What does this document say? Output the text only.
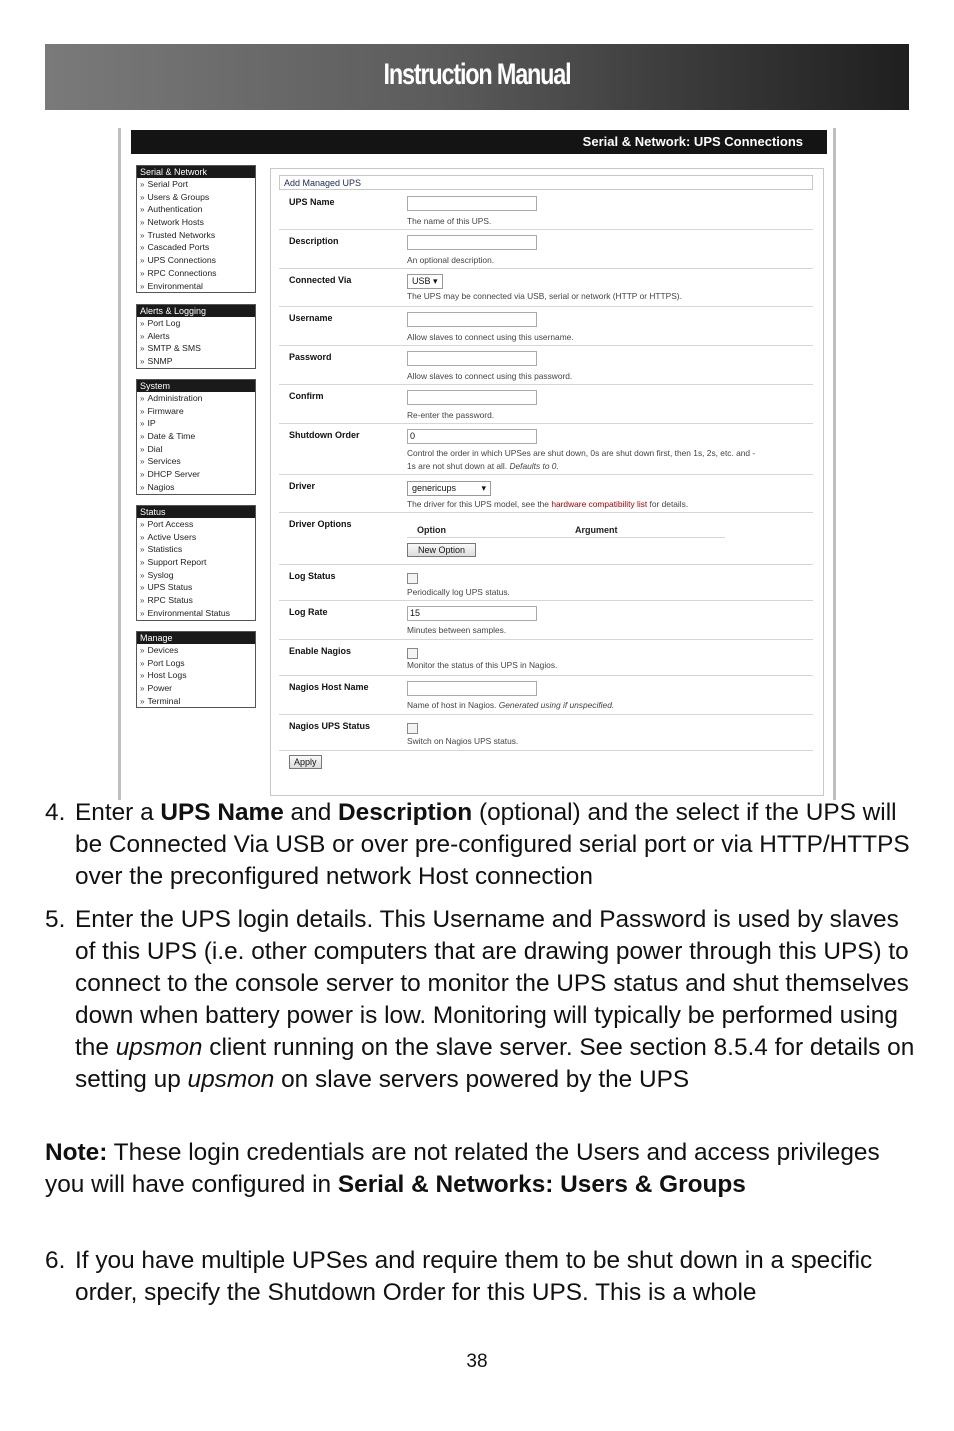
Instruction Manual
Serial & Network: UPS Connections
Serial & Network
» Serial Port
» Users & Groups
» Authentication
» Network Hosts
» Trusted Networks
» Cascaded Ports
» UPS Connections
» RPC Connections
» Environmental
Alerts & Logging
» Port Log
» Alerts
» SMTP & SMS
» SNMP
System
» Administration
» Firmware
» IP
» Date & Time
» Dial
» Services
» DHCP Server
» Nagios
Status
» Port Access
» Active Users
» Statistics
» Support Report
» Syslog
» UPS Status
» RPC Status
» Environmental Status
Manage
» Devices
» Port Logs
» Host Logs
» Power
» Terminal
Add Managed UPS
UPS Name
The name of this UPS.
Description
An optional description.
Connected Via	USB ▾
The UPS may be connected via USB, serial or network (HTTP or HTTPS).
Username
Allow slaves to connect using this username.
Password
Allow slaves to connect using this password.
Confirm
Re-enter the password.
Shutdown Order	0
Control the order in which UPSes are shut down, 0s are shut down first, then 1s, 2s, etc. and -
1s are not shut down at all. Defaults to 0.
Driver	genericups	▾
The driver for this UPS model, see the hardware compatibility list for details.
Driver Options
Option	Argument
New Option
Log Status
Periodically log UPS status.
Log Rate	15
Minutes between samples.
Enable Nagios
Monitor the status of this UPS in Nagios.
Nagios Host Name
Name of host in Nagios. Generated using if unspecified.
Nagios UPS Status
Switch on Nagios UPS status.
Apply
4. Enter a UPS Name and Description (optional) and the select if the UPS will be Connected Via USB or over pre-configured serial port or via HTTP/HTTPS over the preconfigured network Host connection
5. Enter the UPS login details. This Username and Password is used by slaves of this UPS (i.e. other computers that are drawing power through this UPS) to connect to the console server to monitor the UPS status and shut themselves down when battery power is low. Monitoring will typically be performed using the upsmon client running on the slave server. See section 8.5.4 for details on setting up upsmon on slave servers powered by the UPS
Note: These login credentials are not related the Users and access privileges you will have configured in Serial & Networks: Users & Groups
6. If you have multiple UPSes and require them to be shut down in a specific order, specify the Shutdown Order for this UPS. This is a whole
38
